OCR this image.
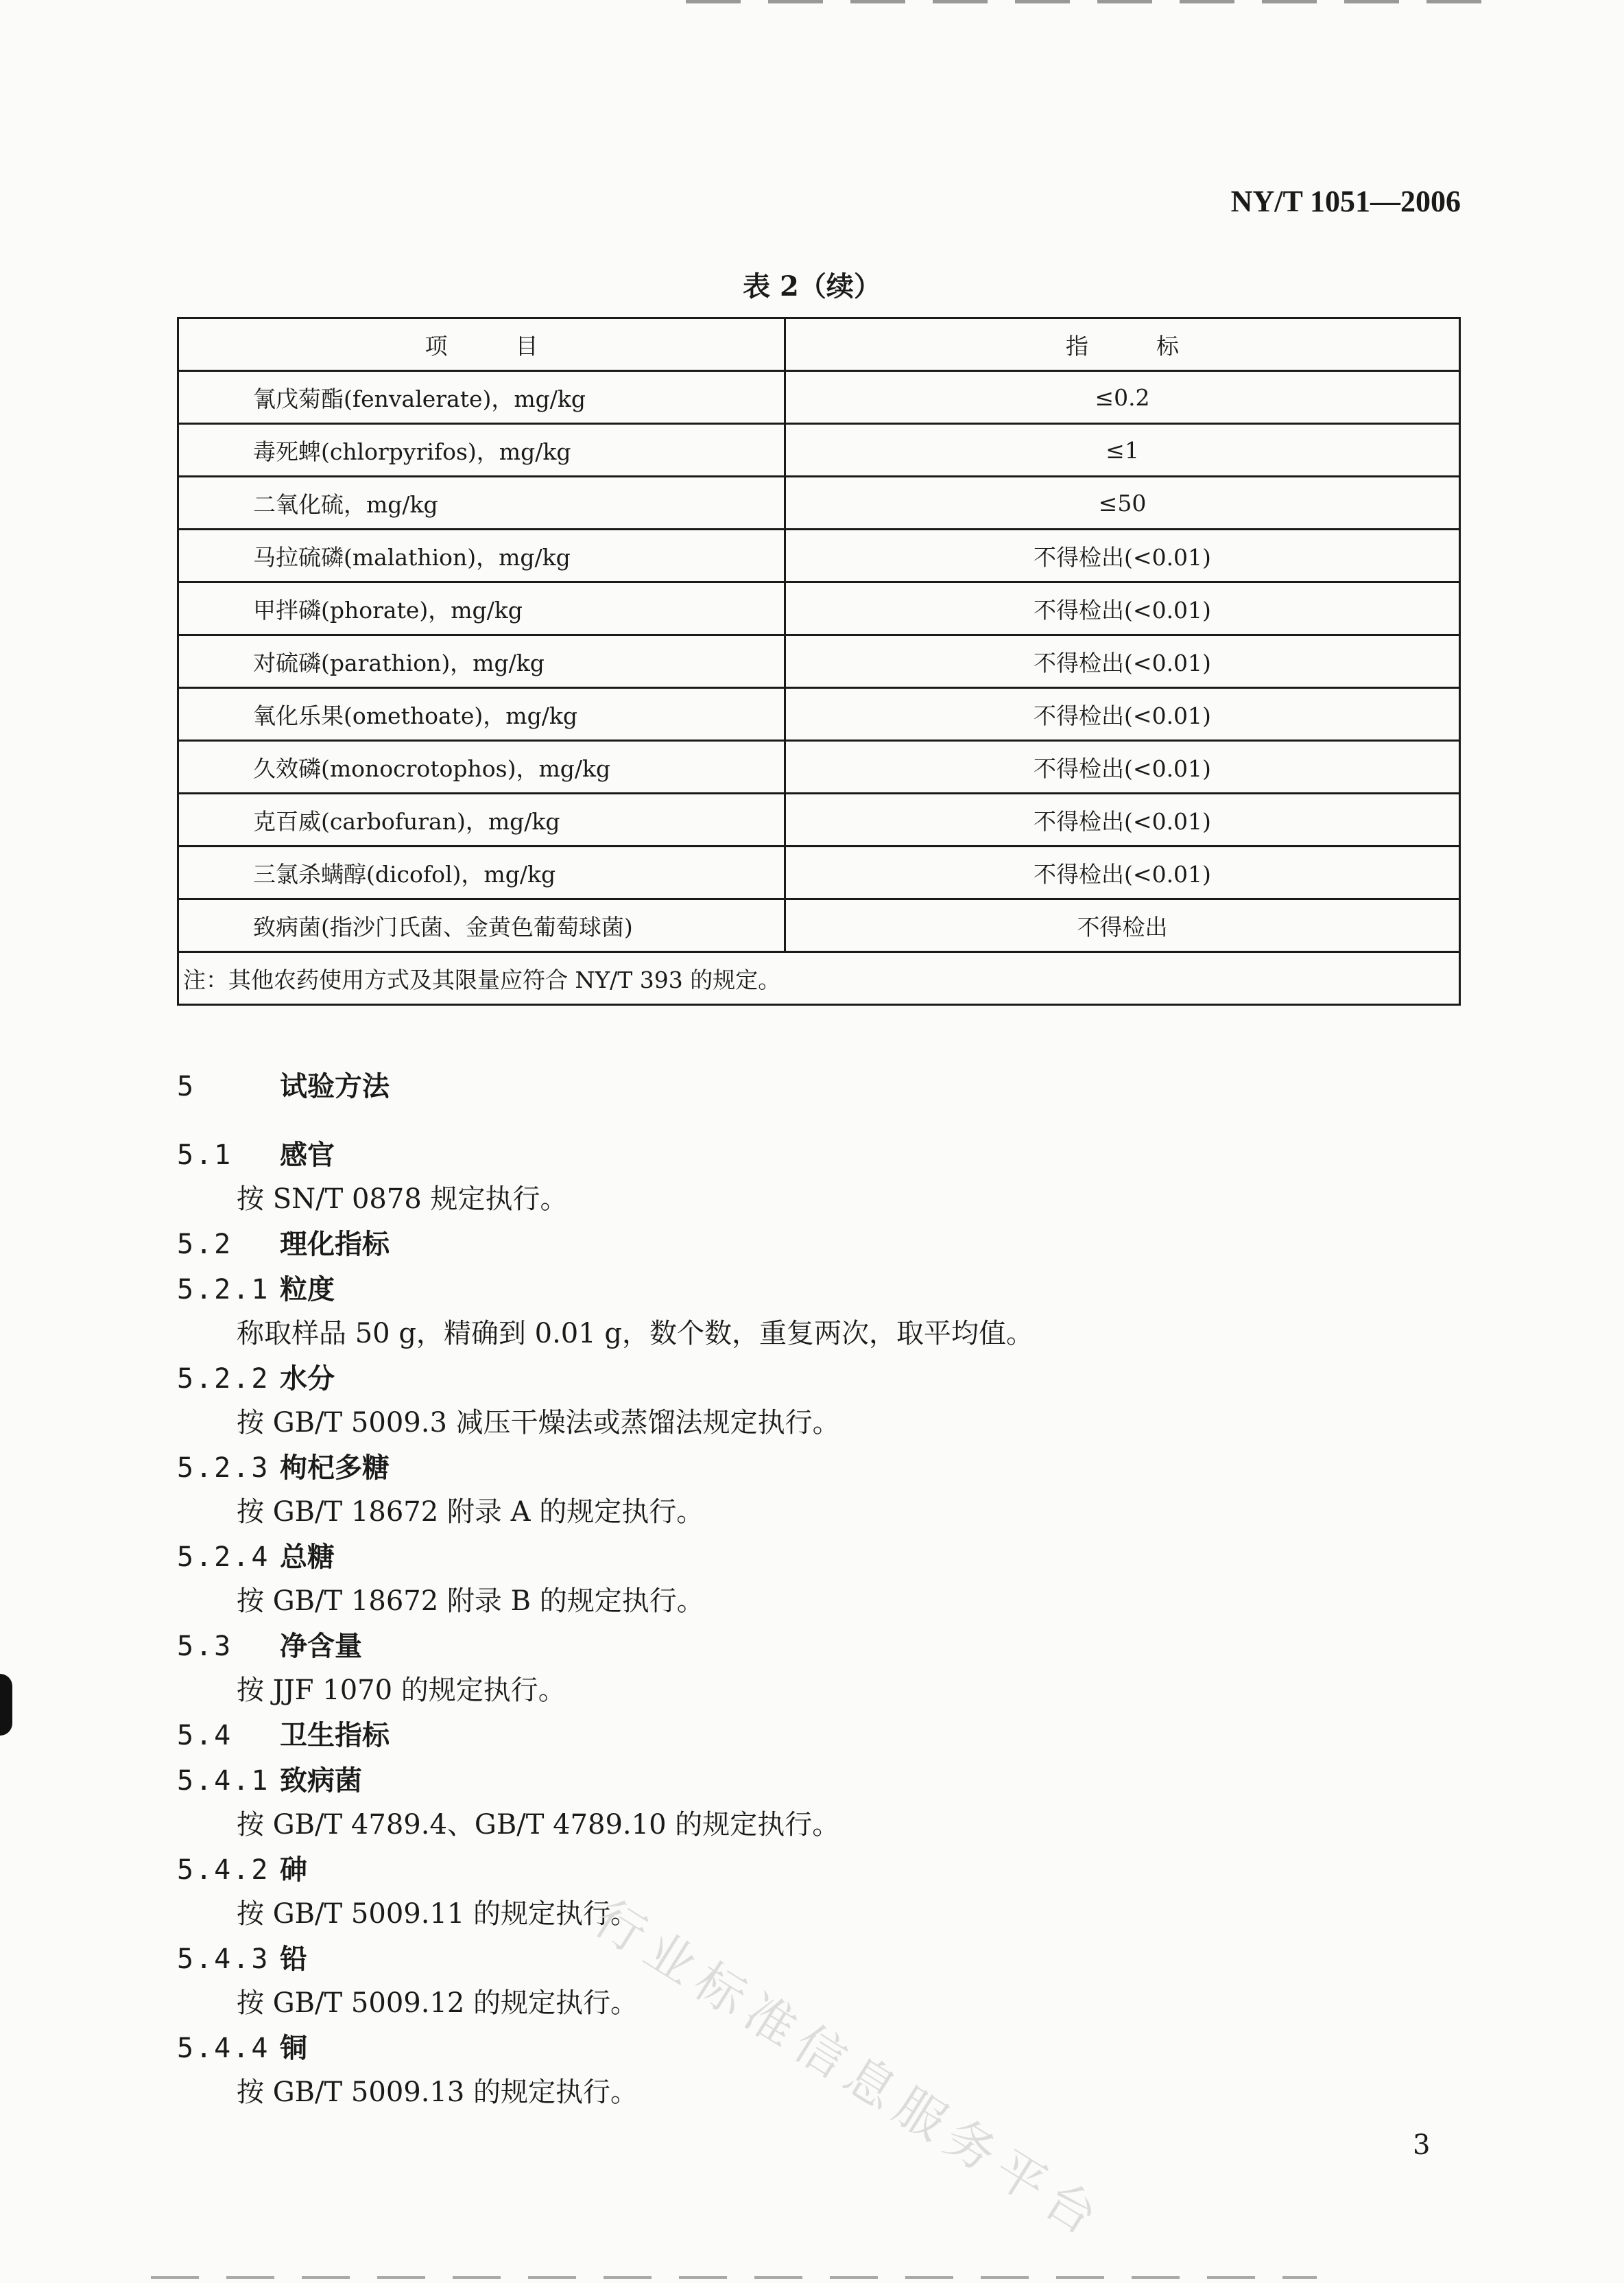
NY/T 1051—2006
表 2（续）
项　　　目	指　　　标
氰戊菊酯(fenvalerate)，mg/kg	≤0.2
毒死蜱(chlorpyrifos)，mg/kg	≤1
二氧化硫，mg/kg	≤50
马拉硫磷(malathion)，mg/kg	不得检出(<0.01)
甲拌磷(phorate)，mg/kg	不得检出(<0.01)
对硫磷(parathion)，mg/kg	不得检出(<0.01)
氧化乐果(omethoate)，mg/kg	不得检出(<0.01)
久效磷(monocrotophos)，mg/kg	不得检出(<0.01)
克百威(carbofuran)，mg/kg	不得检出(<0.01)
三氯杀螨醇(dicofol)，mg/kg	不得检出(<0.01)
致病菌(指沙门氏菌、金黄色葡萄球菌)	不得检出
注：其他农药使用方式及其限量应符合 NY/T 393 的规定。	
5	试验方法
5.1 感官
按 SN/T 0878 规定执行。
5.2 理化指标
5.2.1 粒度
称取样品 50 g，精确到 0.01 g，数个数，重复两次，取平均值。
5.2.2 水分
按 GB/T 5009.3 减压干燥法或蒸馏法规定执行。
5.2.3 枸杞多糖
按 GB/T 18672 附录 A 的规定执行。
5.2.4 总糖
按 GB/T 18672 附录 B 的规定执行。
5.3 净含量
按 JJF 1070 的规定执行。
5.4 卫生指标
5.4.1 致病菌
按 GB/T 4789.4、GB/T 4789.10 的规定执行。
5.4.2 砷
按 GB/T 5009.11 的规定执行。
5.4.3 铅
按 GB/T 5009.12 的规定执行。
5.4.4 铜
按 GB/T 5009.13 的规定执行。
行业标准信息服务平台	3
